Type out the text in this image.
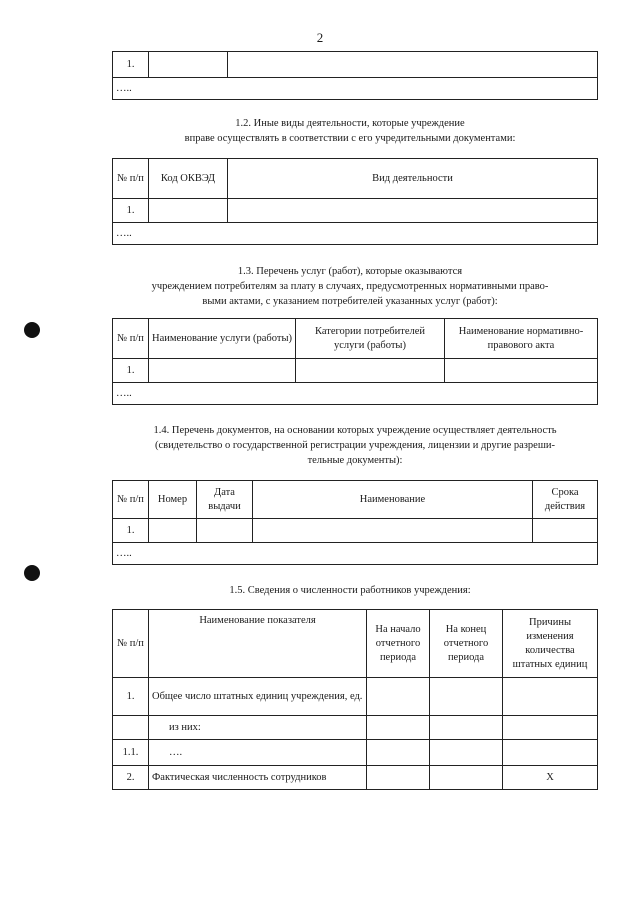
2
1.		
…..
1.2. Иные виды деятельности, которые учреждение
вправе осуществлять в соответствии с его учредительными документами:
№ п/п	Код ОКВЭД	Вид деятельности
1.		
…..		
1.3. Перечень услуг (работ), которые оказываются
учреждением потребителям за плату в случаях, предусмотренных нормативными право-
выми актами, с указанием потребителей указанных услуг (работ):
№ п/п	Наименование услуги (работы)	Категории потребителей услуги (работы)	Наименование нормативно-правового акта
1.			
…..			
1.4. Перечень документов, на основании которых учреждение осуществляет деятельность
(свидетельство о государственной регистрации учреждения, лицензии и другие разреши-
тельные документы):
№ п/п	Номер	Дата выдачи	Наименование	Срока действия
1.				
…..				
1.5. Сведения о численности работников учреждения:
№ п/п	Наименование показателя	На начало отчетного периода	На конец отчетного периода	Причины изменения количества штатных единиц
1.	Общее число штатных единиц учреждения, ед.			
	из них:			
1.1.	….			
2.	Фактическая численность сотрудников			Х
